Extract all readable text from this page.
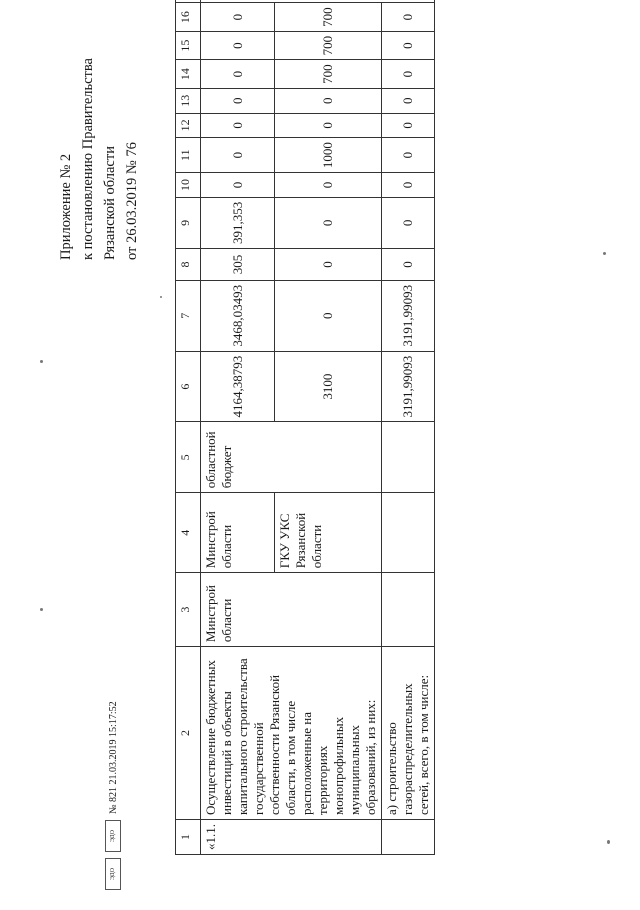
Приложение № 2 к постановлению Правительства Рязанской области от 26.03.2019 № 76
1	2	3	4	5	6	7	8	9	10	11	12	13	14	15	16	
«1.1.	Осуществление бюджетных инвестиций в объекты капитального строительства государственной собственности Рязанской области, в том числе расположенные на территориях монопрофильных муниципальных образований, из них:	Минстрой области	Минстрой области	областной бюджет	4164,38793	3468,03493	305	391,353	0	0	0	0	0	0	0	
			ГКУ УКС Рязанской области		3100	0	0	0	0	1000	0	0	700	700	700	
	а) строительство газораспределительных сетей, всего, в том числе:				3191,99093	3191,99093	0	0	0	0	0	0	0	0	0	
ЭДО
ЭДО
№ 821 21.03.2019 15:17:52
